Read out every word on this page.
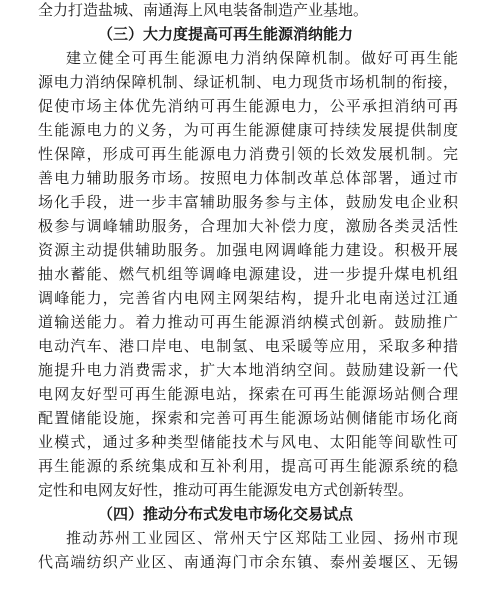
全力打造盐城、南通海上风电装备制造产业基地。
（三）大力度提高可再生能源消纳能力
建立健全可再生能源电力消纳保障机制。做好可再生能
源电力消纳保障机制、绿证机制、电力现货市场机制的衔接，
促使市场主体优先消纳可再生能源电力，公平承担消纳可再
生能源电力的义务，为可再生能源健康可持续发展提供制度
性保障，形成可再生能源电力消费引领的长效发展机制。完
善电力辅助服务市场。按照电力体制改革总体部署，通过市
场化手段，进一步丰富辅助服务参与主体，鼓励发电企业积
极参与调峰辅助服务，合理加大补偿力度，激励各类灵活性
资源主动提供辅助服务。加强电网调峰能力建设。积极开展
抽水蓄能、燃气机组等调峰电源建设，进一步提升煤电机组
调峰能力，完善省内电网主网架结构，提升北电南送过江通
道输送能力。着力推动可再生能源消纳模式创新。鼓励推广
电动汽车、港口岸电、电制氢、电采暖等应用，采取多种措
施提升电力消费需求，扩大本地消纳空间。鼓励建设新一代
电网友好型可再生能源电站，探索在可再生能源场站侧合理
配置储能设施，探索和完善可再生能源场站侧储能市场化商
业模式，通过多种类型储能技术与风电、太阳能等间歇性可
再生能源的系统集成和互补利用，提高可再生能源系统的稳
定性和电网友好性，推动可再生能源发电方式创新转型。
（四）推动分布式发电市场化交易试点
推动苏州工业园区、常州天宁区郑陆工业园、扬州市现
代高端纺织产业区、南通海门市余东镇、泰州姜堰区、无锡
